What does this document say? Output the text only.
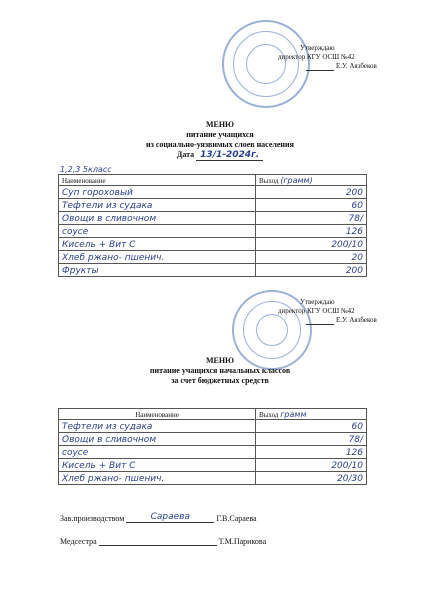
Утверждаю
директор КГУ ОСШ №42
Е.У. Аязбеков
МЕНЮ
питание учащихся
из социально-уязвимых слоев населения
Дата 13/1-2024г.
1,2,3 5класс
Наименование	Выход (грамм)
Суп гороховый	200
Тефтели из судака	60
Овощи в сливочном	78/
соусе	126
Кисель + Вит С	200/10
Хлеб ржано- пшенич.	20
Фрукты	200
Утверждаю
директор КГУ ОСШ №42
Е.У. Аязбеков
МЕНЮ
питание учащихся начальных классов
за счет бюджетных средств
Наименование	Выход грамм
Тефтели из судака	60
Овощи в сливочном	78/
соусе	126
Кисель + Вит С	200/10
Хлеб ржано- пшенич.	20/30
Зав.производством	Сараева	Г.В.Сараева
Медсестра	Т.М.Парикова
